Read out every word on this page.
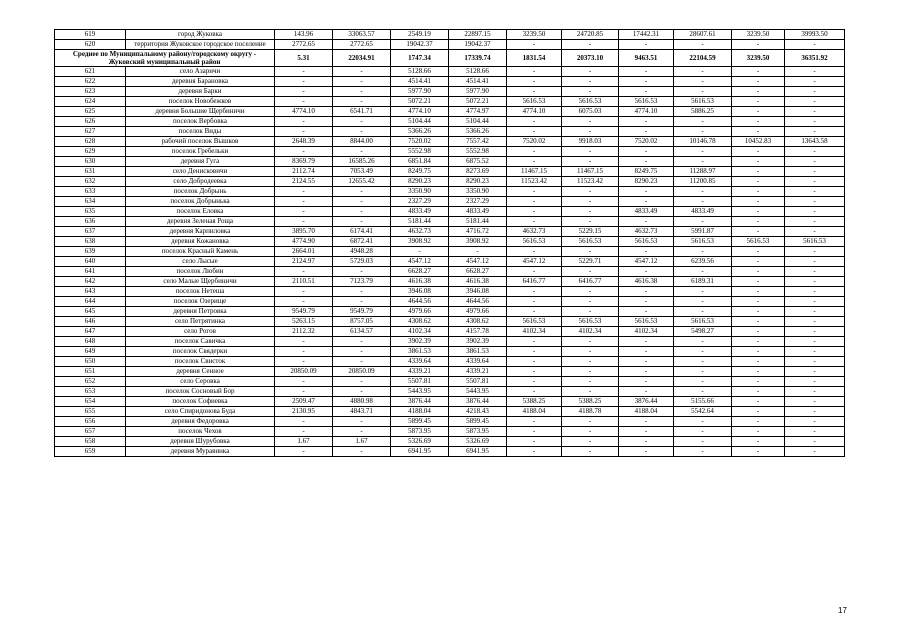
619	город Жуковка	143.96	33063.57	2549.19	22897.15	3239.50	24720.85	17442.31	28607.61	3239.50	39993.50
620	территория Жуковское городское поселение	2772.65	2772.65	19042.37	19042.37	-	-	-	-	-	-
Среднее по Муниципальному району/городскому округу - Жуковский муниципальный район		5.31	22034.91	1747.34	17339.74	1831.54	20373.10	9463.51	22104.59	3239.50	36351.92
621	село Азаричи	-	-	5128.66	5128.66	-	-	-	-	-	-
622	деревня Барановка	-	-	4514.41	4514.41	-	-	-	-	-	-
623	деревня Барки	-	-	5977.90	5977.90	-	-	-	-	-	-
624	поселок Новобежков	-	-	5072.21	5072.21	5616.53	5616.53	5616.53	5616.53	-	-
625	деревня Большие Щербиничи	4774.10	6541.71	4774.10	4774.97	4774.10	6075.03	4774.10	5886.25	-	-
626	поселок Вербовка	-	-	5104.44	5104.44	-	-	-	-	-	-
627	поселок Виды	-	-	5366.26	5366.26	-	-	-	-	-	-
628	рабочий поселок Вышков	2648.39	8844.00	7520.02	7557.42	7520.02	9918.03	7520.02	10146.78	10452.83	13643.58
629	поселок Гребельки	-	-	5552.98	5552.98	-	-	-	-	-	-
630	деревня Гуга	8369.79	16585.26	6851.84	6875.52	-	-	-	-	-	-
631	село Денисковичи	2112.74	7053.49	8249.75	8273.69	11467.15	11467.15	8249.75	11288.97	-	-
632	село Добродеевка	2124.55	12655.42	8290.23	8290.23	11523.42	11523.42	8290.23	11200.85	-	-
633	поселок Добрынь	-	-	3350.90	3350.90	-	-	-	-	-	-
634	поселок Добрынька	-	-	2327.29	2327.29	-	-	-	-	-	-
635	поселок Еловка	-	-	4833.49	4833.49	-	-	4833.49	4833.49	-	-
636	деревня Зеленая Роща	-	-	5181.44	5181.44	-	-	-	-	-	-
637	деревня Карпиловка	3895.70	6174.41	4632.73	4716.72	4632.73	5229.15	4632.73	5991.87	-	-
638	деревня Кожановка	4774.90	6872.41	3908.92	3908.92	5616.53	5616.53	5616.53	5616.53	5616.53	5616.53
639	поселок Красный Камень	2664.01	4948.28	-	-	-	-	-	-	-	-
640	село Лысые	2124.97	5729.03	4547.12	4547.12	4547.12	5229.71	4547.12	6239.56	-	-
641	поселок Любин	-	-	6628.27	6628.27	-	-	-	-	-	-
642	село Малые Щербиничи	2110.51	7123.79	4616.38	4616.38	6416.77	6416.77	4616.38	6189.31	-	-
643	поселок Нетеша	-	-	3946.08	3946.08	-	-	-	-	-	-
644	поселок Озерище	-	-	4644.56	4644.56	-	-	-	-	-	-
645	деревня Петровка	9549.79	9549.79	4979.66	4979.66	-	-	-	-	-	-
646	село Петрятинка	5263.15	8757.05	4308.62	4308.62	5616.53	5616.53	5616.53	5616.53	-	-
647	село Рогов	2112.32	6134.57	4102.34	4157.78	4102.34	4102.34	4102.34	5498.27	-	-
648	поселок Савичка	-	-	3902.39	3902.39	-	-	-	-	-	-
649	поселок Свядерки	-	-	3861.53	3861.53	-	-	-	-	-	-
650	поселок Свисток	-	-	4339.64	4339.64	-	-	-	-	-	-
651	деревня Сенное	20850.09	20850.09	4339.21	4339.21	-	-	-	-	-	-
652	село Серовка	-	-	5507.81	5507.81	-	-	-	-	-	-
653	поселок Сосновый Бор	-	-	5443.95	5443.95	-	-	-	-	-	-
654	поселок Софиевка	2509.47	4880.98	3876.44	3876.44	5388.25	5388.25	3876.44	5155.66	-	-
655	село Спиридонова Буда	2130.95	4843.71	4188.04	4218.43	4188.04	4188.78	4188.04	5542.64	-	-
656	деревня Федоровка	-	-	5899.45	5899.45	-	-	-	-	-	-
657	поселок Чехов	-	-	5873.95	5873.95	-	-	-	-	-	-
658	деревня Шурубовка	1.67	1.67	5326.69	5326.69	-	-	-	-	-	-
659	деревня Муравинка	-	-	6941.95	6941.95	-	-	-	-	-	-
17
